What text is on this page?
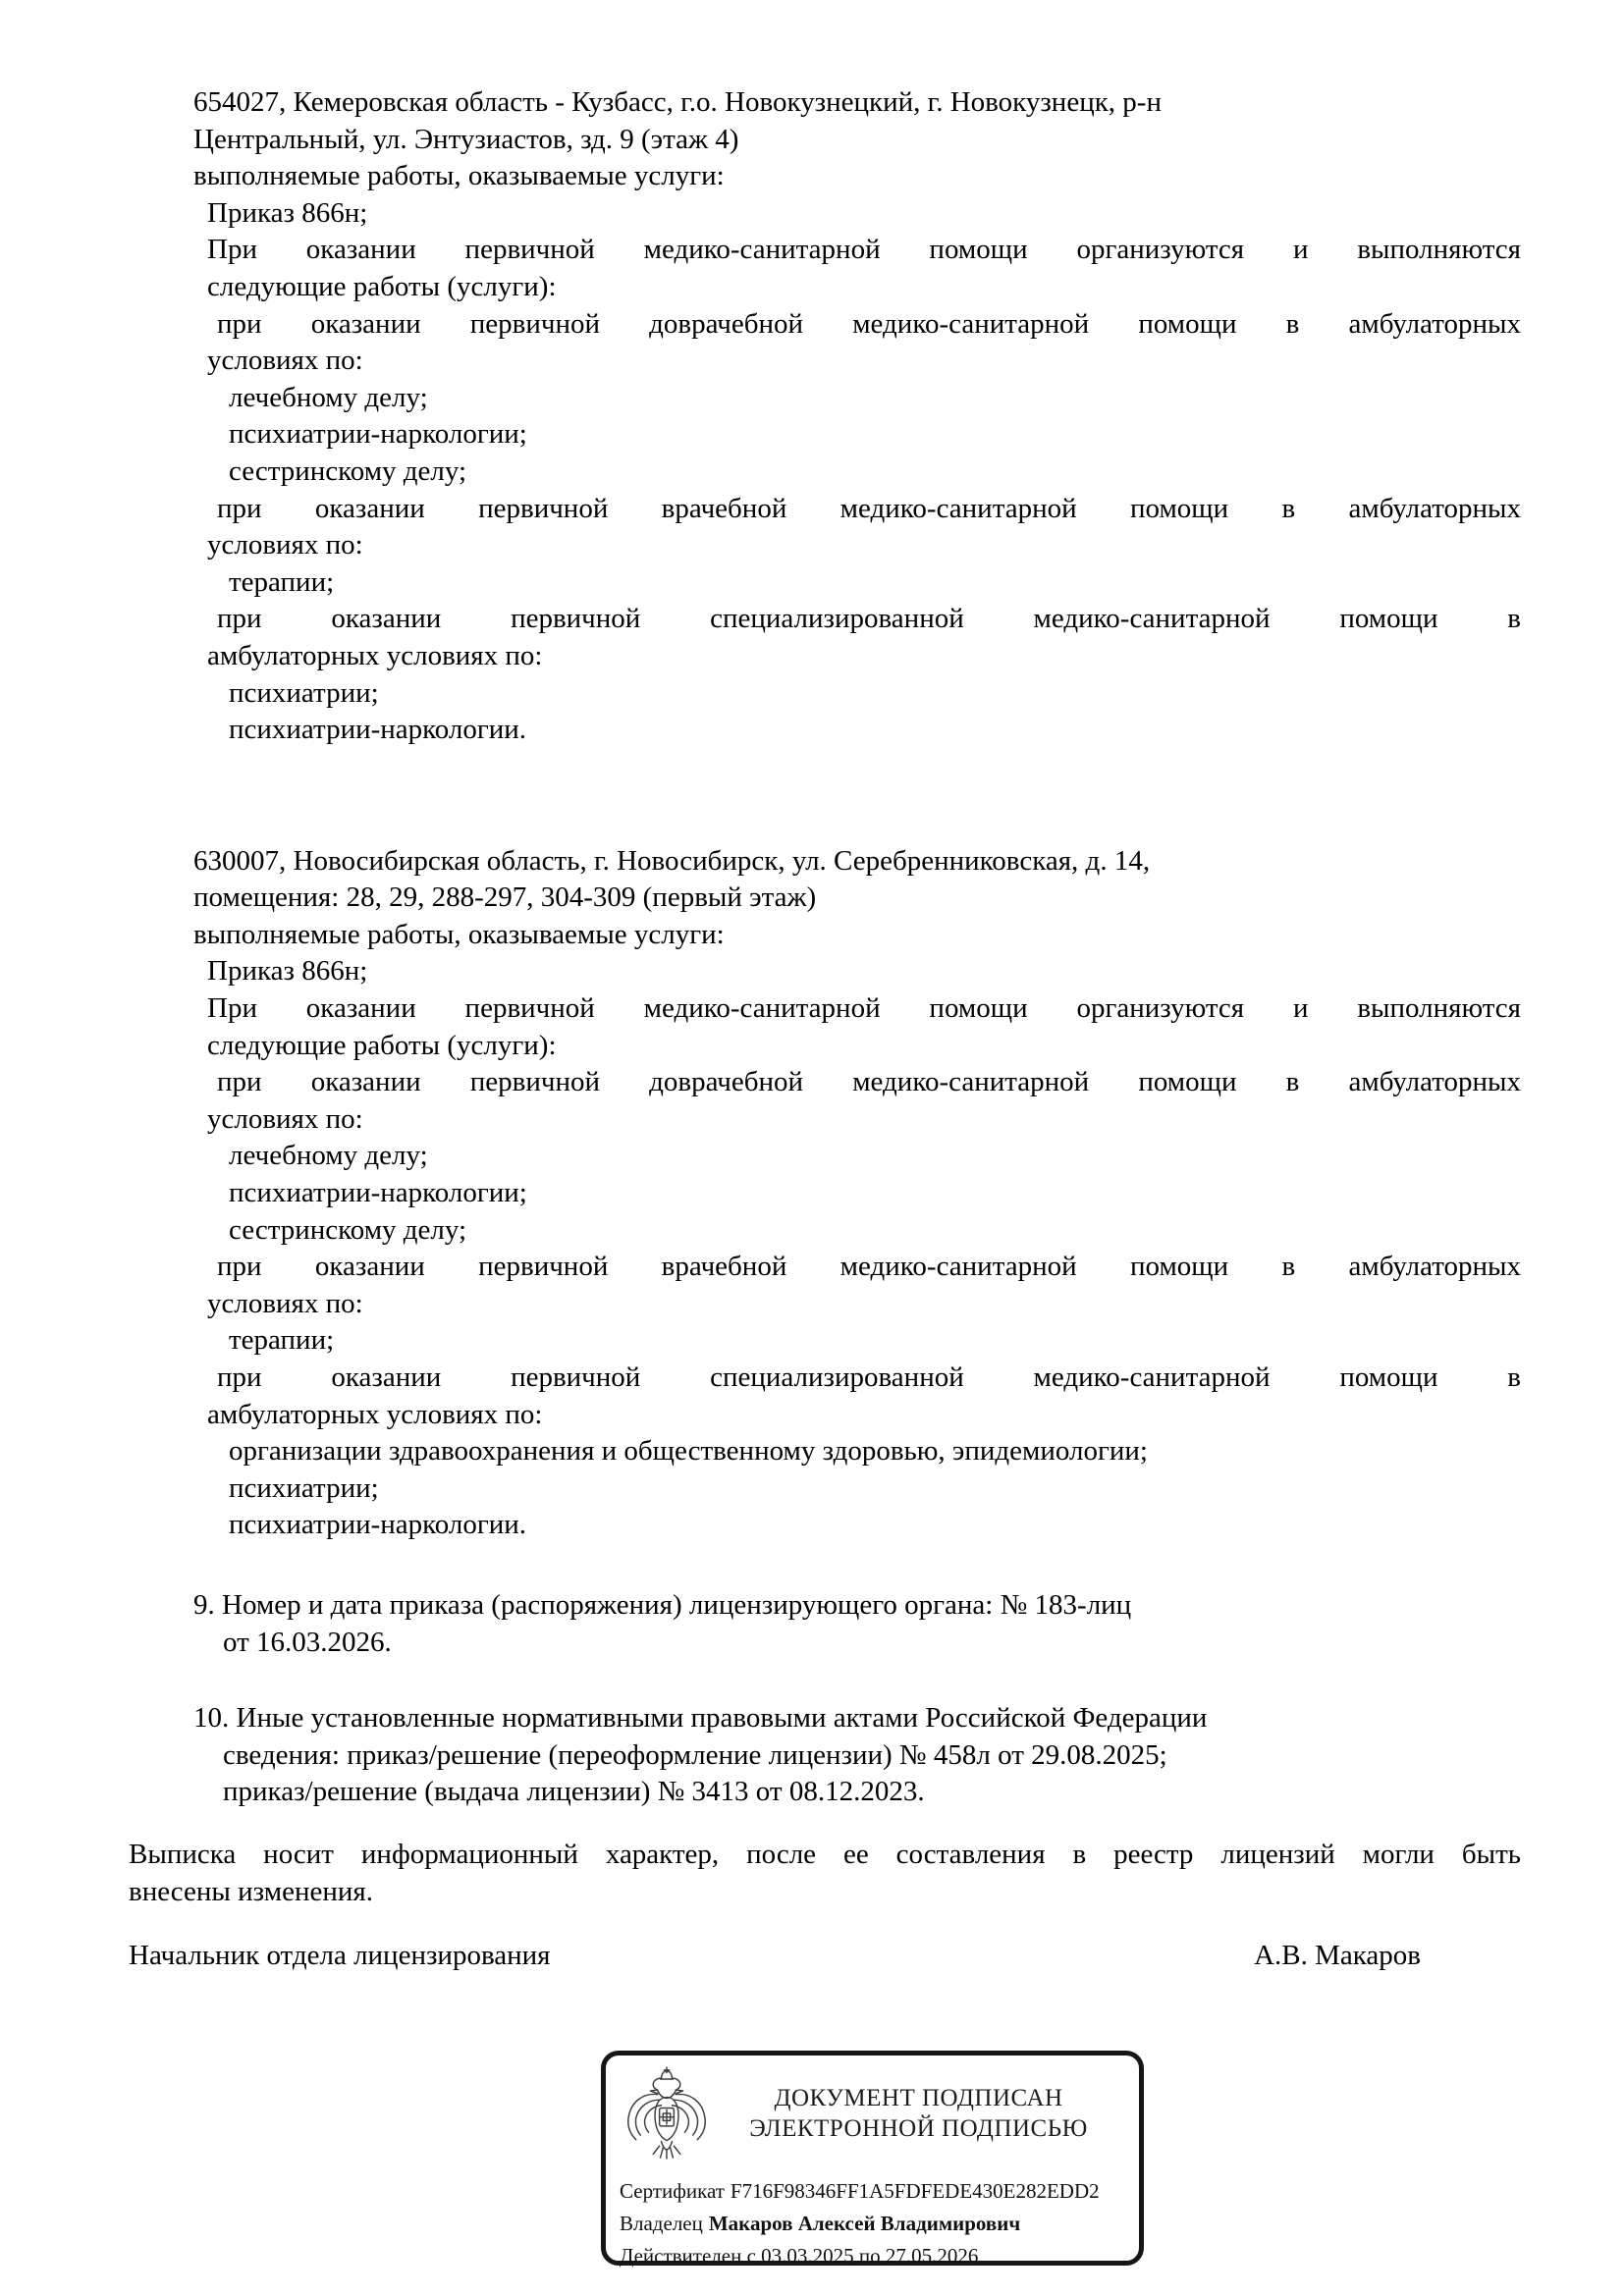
654027, Кемеровская область - Кузбасс, г.о. Новокузнецкий, г. Новокузнецк, р-н
Центральный, ул. Энтузиастов, зд. 9 (этаж 4)
выполняемые работы, оказываемые услуги:
Приказ 866н;
При оказании первичной медико-санитарной помощи организуются и выполняются
следующие работы (услуги):
при оказании первичной доврачебной медико-санитарной помощи в амбулаторных
условиях по:
лечебному делу;
психиатрии-наркологии;
сестринскому делу;
при оказании первичной врачебной медико-санитарной помощи в амбулаторных
условиях по:
терапии;
при оказании первичной специализированной медико-санитарной помощи в
амбулаторных условиях по:
психиатрии;
психиатрии-наркологии.
630007, Новосибирская область, г. Новосибирск, ул. Серебренниковская, д. 14,
помещения: 28, 29, 288-297, 304-309 (первый этаж)
выполняемые работы, оказываемые услуги:
Приказ 866н;
При оказании первичной медико-санитарной помощи организуются и выполняются
следующие работы (услуги):
при оказании первичной доврачебной медико-санитарной помощи в амбулаторных
условиях по:
лечебному делу;
психиатрии-наркологии;
сестринскому делу;
при оказании первичной врачебной медико-санитарной помощи в амбулаторных
условиях по:
терапии;
при оказании первичной специализированной медико-санитарной помощи в
амбулаторных условиях по:
организации здравоохранения и общественному здоровью, эпидемиологии;
психиатрии;
психиатрии-наркологии.
9. Номер и дата приказа (распоряжения) лицензирующего органа: № 183-лиц
от 16.03.2026.
10. Иные установленные нормативными правовыми актами Российской Федерации
сведения: приказ/решение (переоформление лицензии) № 458л от 29.08.2025;
приказ/решение (выдача лицензии) № 3413 от 08.12.2023.
Выписка носит информационный характер, после ее составления в реестр лицензий могли быть
внесены изменения.
Начальник отдела лицензирования	А.В. Макаров
ДОКУМЕНТ ПОДПИСАН
ЭЛЕКТРОННОЙ ПОДПИСЬЮ
Сертификат F716F98346FF1A5FDFEDE430E282EDD2
Владелец Макаров Алексей Владимирович
Действителен с 03.03.2025 по 27.05.2026
